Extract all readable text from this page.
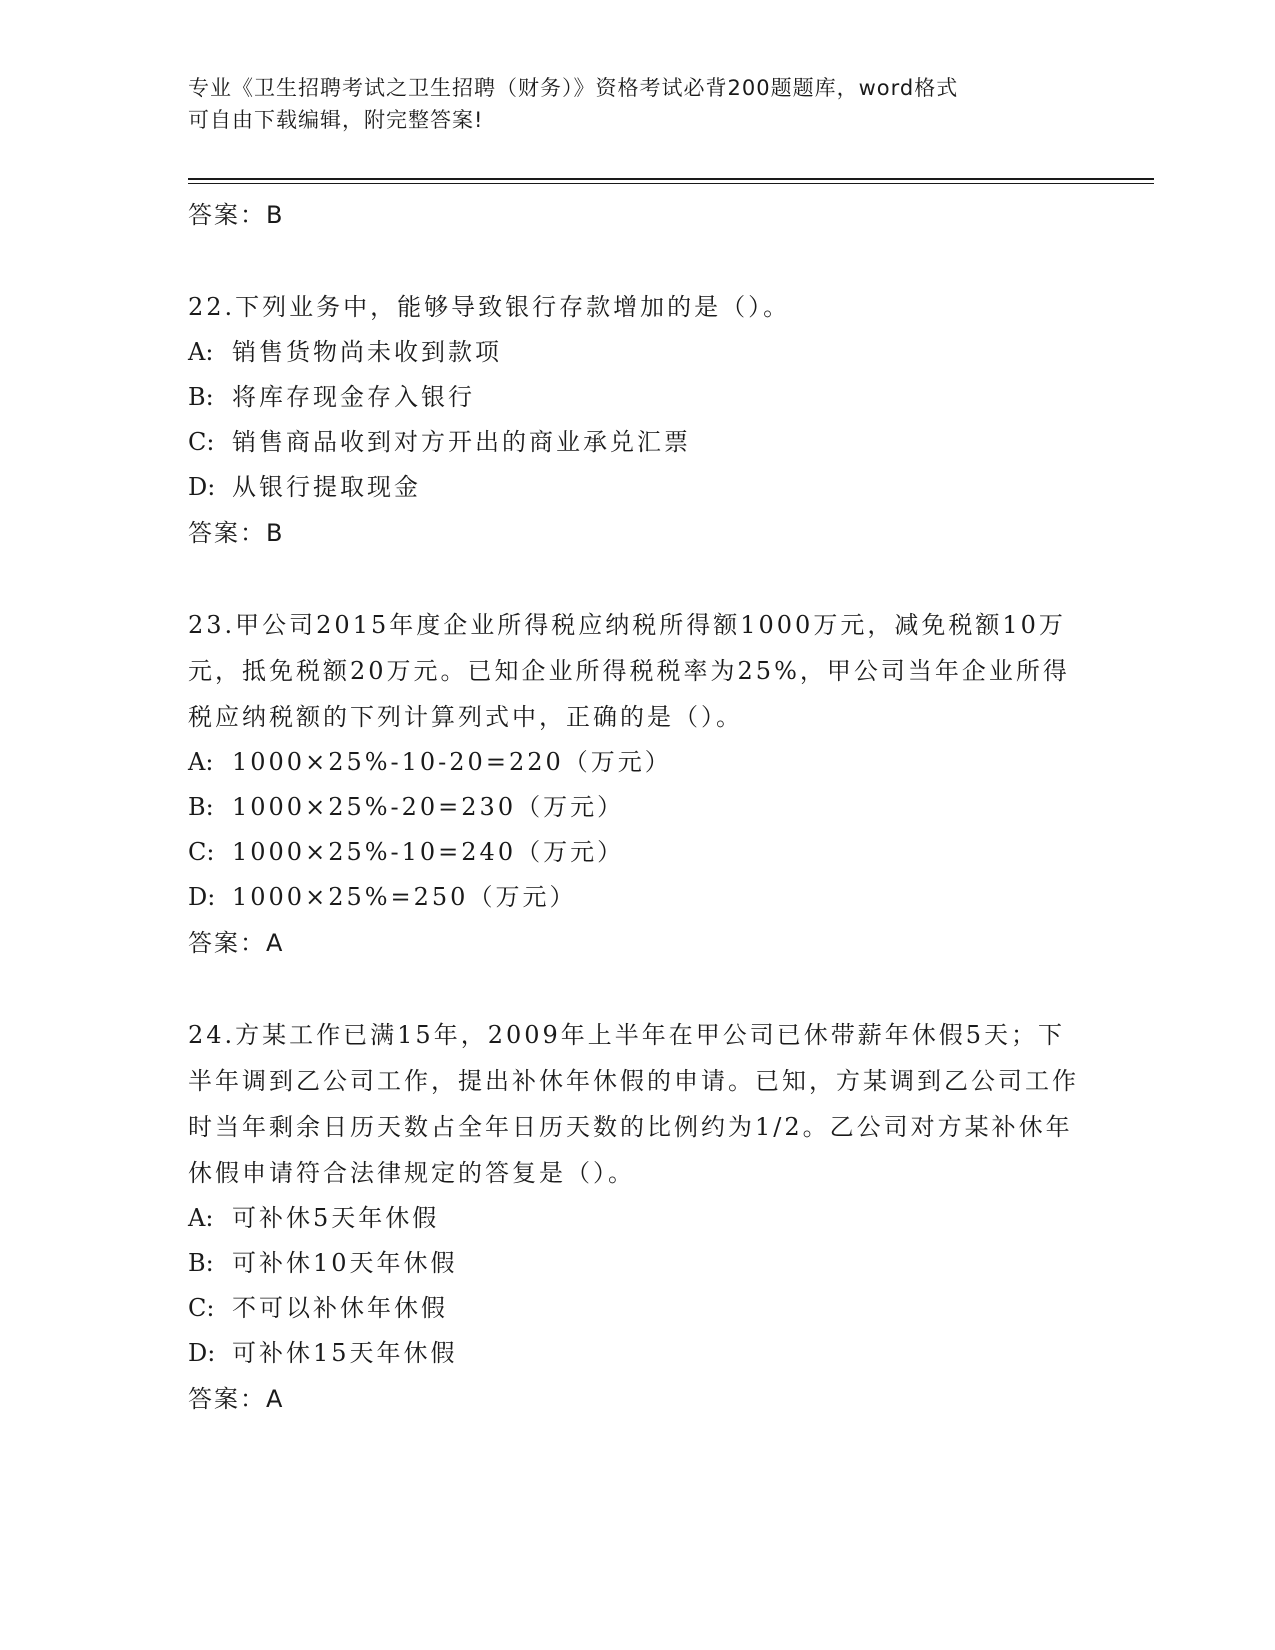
专业《卫生招聘考试之卫生招聘（财务）》资格考试必背200题题库，word格式
可自由下载编辑，附完整答案!
答案：B
22.下列业务中，能够导致银行存款增加的是（）。
A: 销售货物尚未收到款项
B: 将库存现金存入银行
C: 销售商品收到对方开出的商业承兑汇票
D: 从银行提取现金
答案：B
23.甲公司2015年度企业所得税应纳税所得额1000万元，减免税额10万元，抵免税额20万元。已知企业所得税税率为25%，甲公司当年企业所得税应纳税额的下列计算列式中，正确的是（）。
A: 1000×25%-10-20=220（万元）
B: 1000×25%-20=230（万元）
C: 1000×25%-10=240（万元）
D: 1000×25%=250（万元）
答案：A
24.方某工作已满15年，2009年上半年在甲公司已休带薪年休假5天；下半年调到乙公司工作，提出补休年休假的申请。已知，方某调到乙公司工作时当年剩余日历天数占全年日历天数的比例约为1/2。乙公司对方某补休年休假申请符合法律规定的答复是（）。
A: 可补休5天年休假
B: 可补休10天年休假
C: 不可以补休年休假
D: 可补休15天年休假
答案：A
